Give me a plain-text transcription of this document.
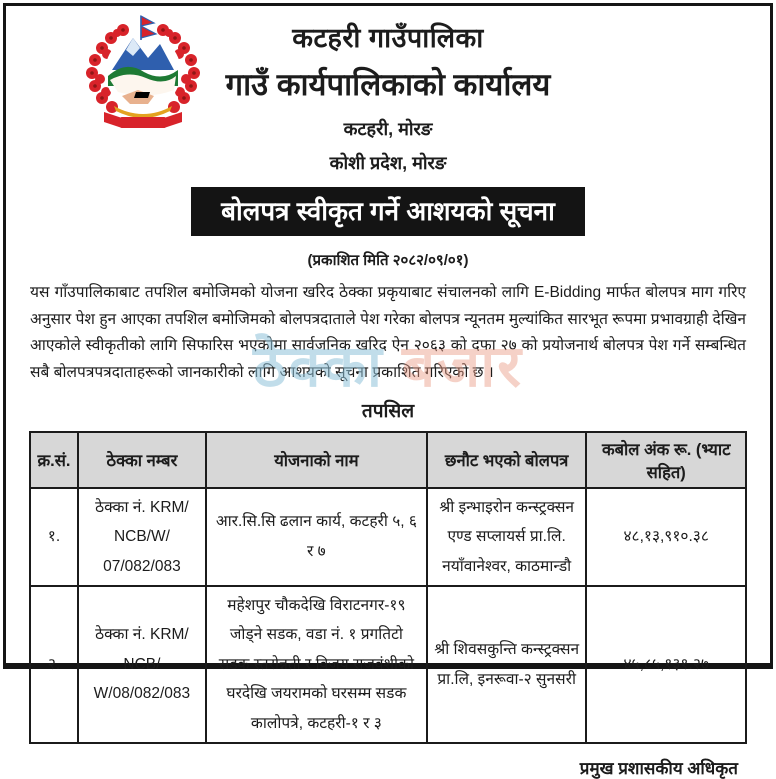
ठेक्का बजार
कटहरी गाउँपालिका
गाउँ कार्यपालिकाको कार्यालय
कटहरी, मोरङ
कोशी प्रदेश, मोरङ
बोलपत्र स्वीकृत गर्ने आशयको सूचना
(प्रकाशित मिति २०८२/०९/०१)

यस गाँउपालिकाबाट तपशिल बमोजिमको योजना खरिद ठेक्का प्रकृयाबाट संचालनको लागि E-Bidding मार्फत बोलपत्र माग गरिए अनुसार पेश हुन आएका तपशिल बमोजिमको बोलपत्रदाताले पेश गरेका बोलपत्र न्यूनतम मुल्यांकित सारभूत रूपमा प्रभावग्राही देखिन आएकोले स्वीकृतीको लागि सिफारिस भएकोमा सार्वजनिक खरिद ऐन २०६३ को दफा २७ को प्रयोजनार्थ बोलपत्र पेश गर्ने सम्बन्धित सबै बोलपत्रपत्रदाताहरूको जानकारीको लागि आशयको सूचना प्रकाशित गरिएको छ ।

तपसिल
क्र.सं.	ठेक्का नम्बर	योजनाको नाम	छनौट भएको बोलपत्र	कबोल अंक रू. (भ्याट सहित)
१.	ठेक्का नं. KRM/ NCB/W/ 07/082/083	आर.सि.सि ढलान कार्य, कटहरी ५, ६ र ७	श्री इन्भाइरोन कन्स्ट्रक्सन एण्ड सप्लायर्स प्रा.लि. नयाँवानेश्वर, काठमान्डौ	४८,१३,९१०.३८
२.	ठेक्का नं. KRM/ NCB/ W/08/082/083	महेशपुर चौकदेखि विराटनगर-१९ जोड्ने सडक, वडा नं. १ प्रगतिटो सडक स्तरोन्नती र विजय राजवंशीको घरदेखि जयरामको घरसम्म सडक कालोपत्रे, कटहरी-१ र ३	श्री शिवसकुन्ति कन्स्ट्रक्सन प्रा.लि, इनरूवा-२ सुनसरी	४५,८५,१३१.२७
प्रमुख प्रशासकीय अधिकृत
